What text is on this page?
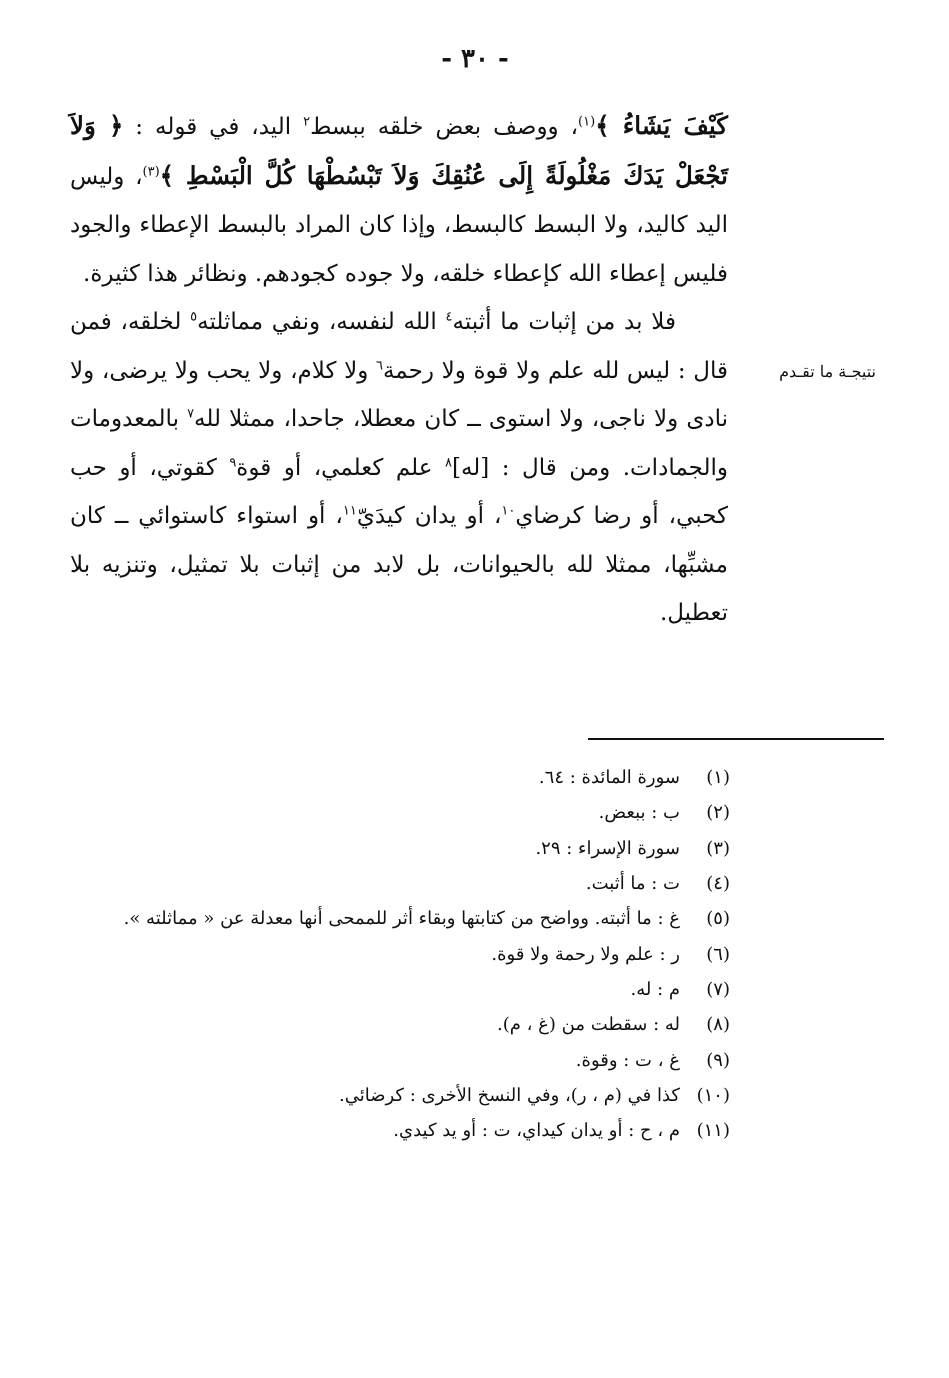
- ٣٠ -

كَيْفَ يَشَاءُ ﴾$^{(١)}$، ووصف بعض خلقه ببسط$^٢$ اليد، في قوله : ﴿ وَلاَ تَجْعَلْ يَدَكَ مَغْلُولَةً إِلَى عُنُقِكَ وَلاَ تَبْسُطْهَا كُلَّ الْبَسْطِ ﴾$^{(٣)}$، وليس اليد كاليد، ولا البسط كالبسط، وإذا كان المراد بالبسط الإعطاء والجود فليس إعطاء الله كإعطاء خلقه، ولا جوده كجودهم. ونظائر هذا كثيرة.

فلا بد من إثبات ما أثبته$^٤$ الله لنفسه، ونفي مماثلته$^٥$ لخلقه، فمن قال : ليس لله علم ولا قوة ولا رحمة$^٦$ ولا كلام، ولا يحب ولا يرضى، ولا نادى ولا ناجى، ولا استوى ــ كان معطلا، جاحدا، ممثلا لله$^٧$ بالمعدومات والجمادات. ومن قال : [له]$^٨$ علم كعلمي، أو قوة$^٩$ كقوتي، أو حب كحبي، أو رضا كرضاي$^{١٠}$، أو يدان كيدَيّ$^{١١}$، أو استواء كاستوائي ــ كان مشبِّها، ممثلا لله بالحيوانات، بل لابد من إثبات بلا تمثيل، وتنزيه بلا تعطيل.

نتيجـة ما تقـدم
(١)
سورة المائدة : ٦٤.
(٢)
ب : ببعض.
(٣)
سورة الإسراء : ٢٩.
(٤)
ت : ما أثبت.
(٥)
غ : ما أثبته. وواضح من كتابتها وبقاء أثر للممحى أنها معدلة عن « مماثلته ».
(٦)
ر : علم ولا رحمة ولا قوة.
(٧)
م : له.
(٨)
له : سقطت من (غ ، م).
(٩)
غ ، ت : وقوة.
(١٠)
كذا في (م ، ر)، وفي النسخ الأخرى : كرضائي.
(١١)
م ، ح : أو يدان كيداي، ت : أو يد كيدي.
